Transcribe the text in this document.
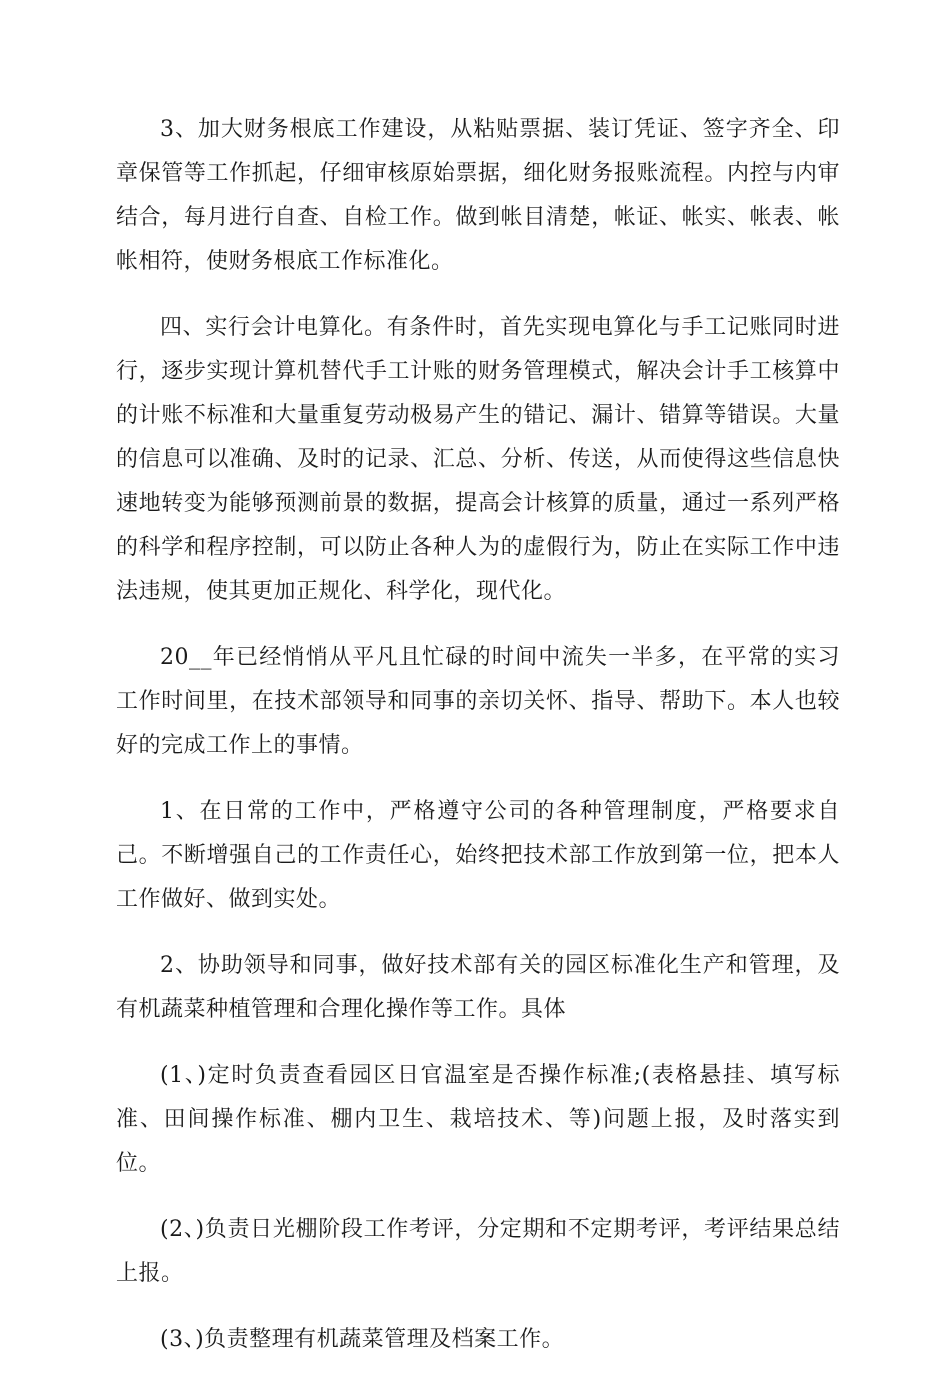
3、加大财务根底工作建设，从粘贴票据、装订凭证、签字齐全、印章保管等工作抓起，仔细审核原始票据，细化财务报账流程。内控与内审结合，每月进行自查、自检工作。做到帐目清楚，帐证、帐实、帐表、帐帐相符，使财务根底工作标准化。

四、实行会计电算化。有条件时，首先实现电算化与手工记账同时进行，逐步实现计算机替代手工计账的财务管理模式，解决会计手工核算中的计账不标准和大量重复劳动极易产生的错记、漏计、错算等错误。大量的信息可以准确、及时的记录、汇总、分析、传送，从而使得这些信息快速地转变为能够预测前景的数据，提高会计核算的质量，通过一系列严格的科学和程序控制，可以防止各种人为的虚假行为，防止在实际工作中违法违规，使其更加正规化、科学化，现代化。

20__年已经悄悄从平凡且忙碌的时间中流失一半多，在平常的实习工作时间里，在技术部领导和同事的亲切关怀、指导、帮助下。本人也较好的完成工作上的事情。

1、在日常的工作中，严格遵守公司的各种管理制度，严格要求自己。不断增强自己的工作责任心，始终把技术部工作放到第一位，把本人工作做好、做到实处。

2、协助领导和同事，做好技术部有关的园区标准化生产和管理，及有机蔬菜种植管理和合理化操作等工作。具体

(1、)定时负责查看园区日官温室是否操作标准;(表格悬挂、填写标准、田间操作标准、棚内卫生、栽培技术、等)问题上报，及时落实到位。

(2、)负责日光棚阶段工作考评，分定期和不定期考评，考评结果总结上报。

(3、)负责整理有机蔬菜管理及档案工作。
